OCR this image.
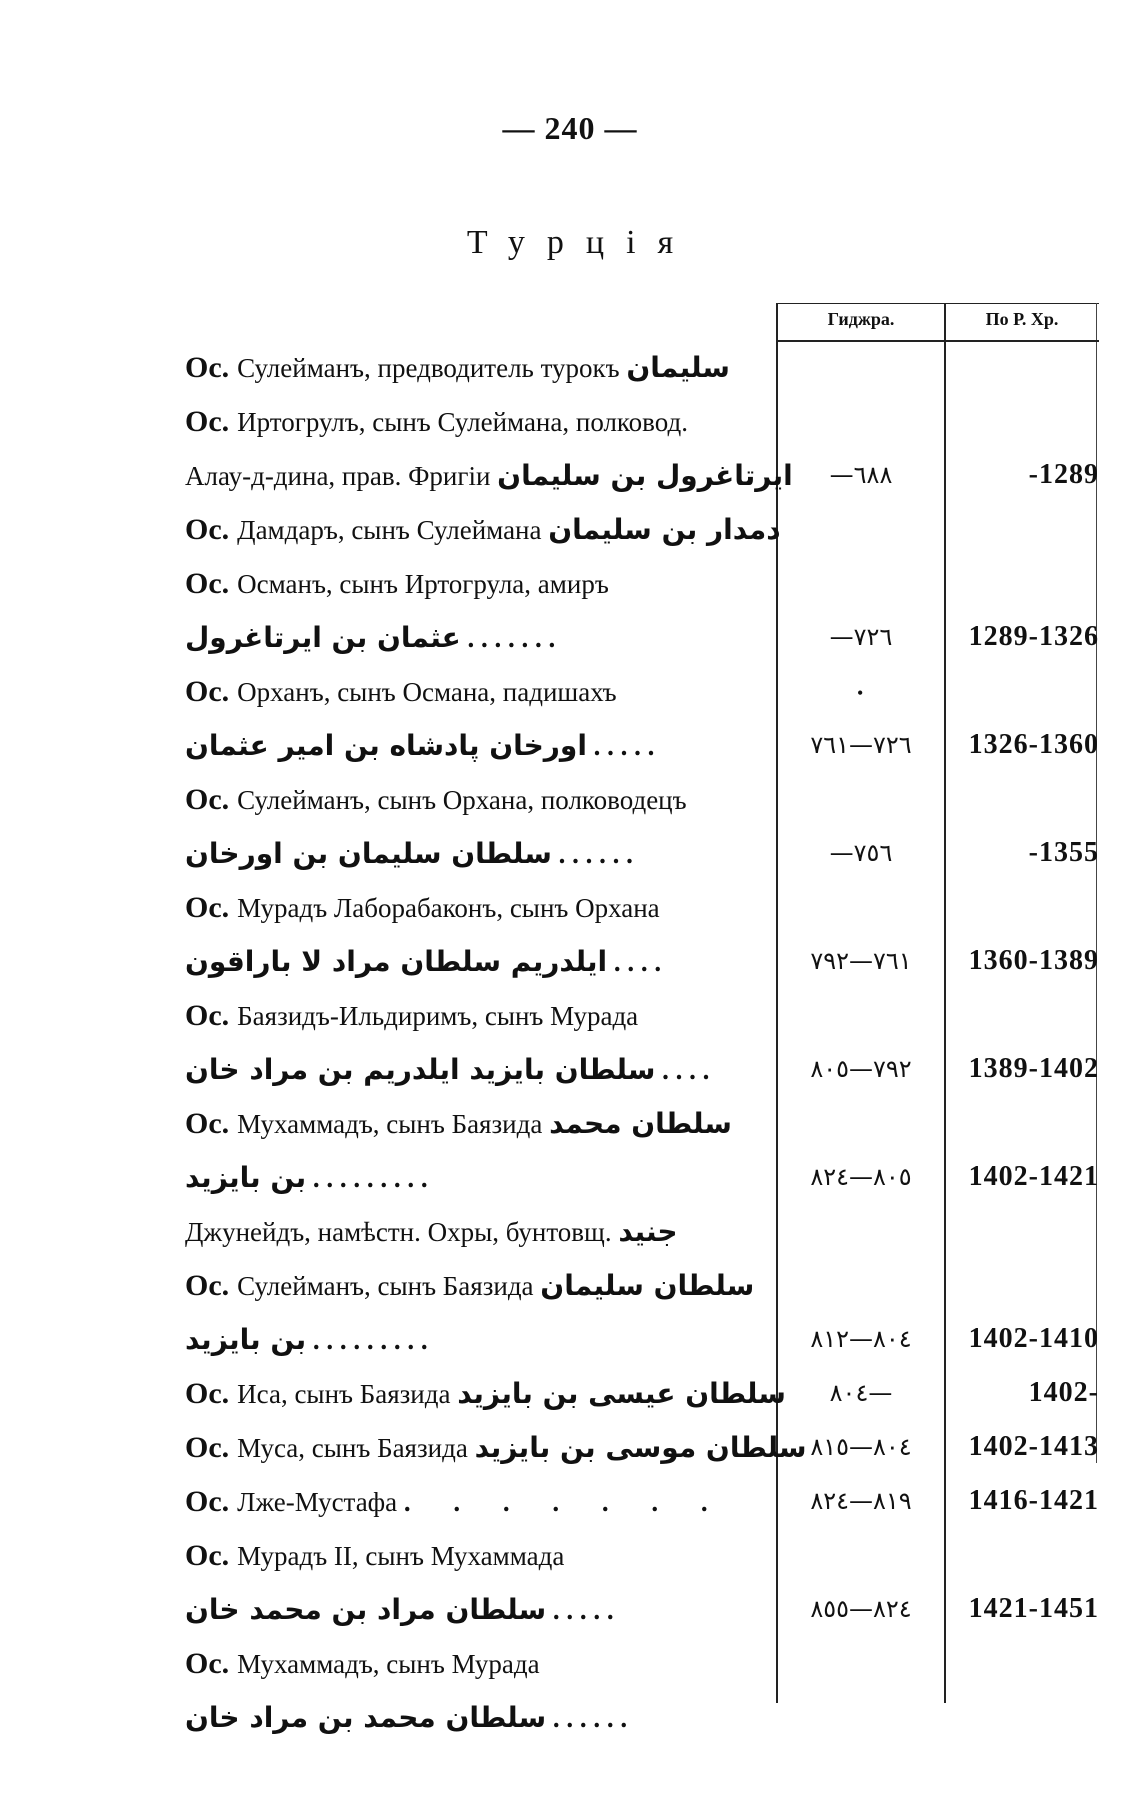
— 240 —
Турція
Гиджра.	По Р. Хр.
Ос. Сулейманъ, предводитель турокъ سليمان
Ос. Иртогрулъ, сынъ Сулеймана, полковод.
Алау-д-дина, прав. Фригіи ايرتاغرول بن سليمان	—٦٨٨	-1289
Ос. Дамдаръ, сынъ Сулеймана دمدار بن سليمان
Ос. Османъ, сынъ Иртогрула, амиръ
عثمان بن ايرتاغرول . . . . . . .	—٧٢٦	1289-1326
Ос. Орханъ, сынъ Османа, падишахъ	•
اورخان پادشاه بن امير عثمان . . . . .	٧٢٦—٧٦١	1326-1360
Ос. Сулейманъ, сынъ Орхана, полководецъ
سلطان سليمان بن اورخان . . . . . .	—٧٥٦	-1355
Ос. Мурадъ Лаборабаконъ, сынъ Орхана
ايلدريم سلطان مراد لا باراقون . . . .	٧٦١—٧٩٢	1360-1389
Ос. Баязидъ-Ильдиримъ, сынъ Мурада
سلطان بايزيد ايلدريم بن مراد خان . . . .	٧٩٢—٨٠٥	1389-1402
Ос. Мухаммадъ, сынъ Баязида سلطان محمد
بن بايزيد . . . . . . . . .	٨٠٥—٨٢٤	1402-1421
Джунейдъ, намѣстн. Охры, бунтовщ. جنيد
Ос. Сулейманъ, сынъ Баязида سلطان سليمان
بن بايزيد . . . . . . . . .	٨٠٤—٨١٢	1402-1410
Ос. Иса, сынъ Баязида سلطان عيسى بن بايزيد	٨٠٤—	1402-
Ос. Муса, сынъ Баязида سلطان موسى بن بايزيد ٨٠٤—٨١٥	1402-1413
Ос. Лже-Мустафа . . . . . . .	٨١٩—٨٢٤	1416-1421
Ос. Мурадъ II, сынъ Мухаммада
سلطان مراد بن محمد خان . . . . .	٨٢٤—٨٥٥	1421-1451
Ос. Мухаммадъ, сынъ Мурада
سلطان محمد بن مراد خان . . . . . .
